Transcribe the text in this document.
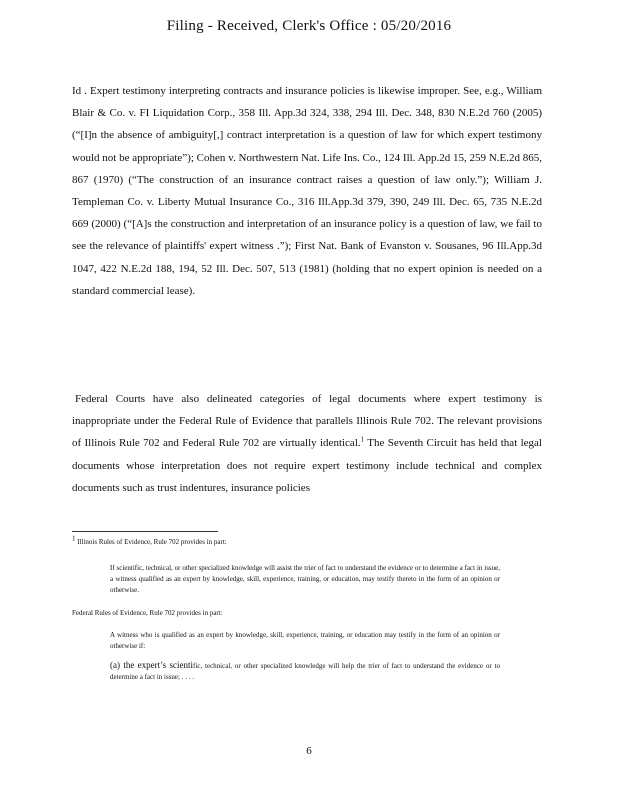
Filing - Received, Clerk's Office : 05/20/2016

Id . Expert testimony interpreting contracts and insurance policies is likewise improper. See, e.g., William Blair & Co. v. FI Liquidation Corp., 358 Ill. App.3d 324, 338, 294 Ill. Dec. 348, 830 N.E.2d 760 (2005) (“[I]n the absence of ambiguity[,] contract interpretation is a question of law for which expert testimony would not be appropriate”); Cohen v. Northwestern Nat. Life Ins. Co., 124 Ill. App.2d 15, 259 N.E.2d 865, 867 (1970) (“The construction of an insurance contract raises a question of law only.”); William J. Templeman Co. v. Liberty Mutual Insurance Co., 316 Ill.App.3d 379, 390, 249 Ill. Dec. 65, 735 N.E.2d 669 (2000) (“[A]s the construction and interpretation of an insurance policy is a question of law, we fail to see the relevance of plaintiffs' expert witness .”); First Nat. Bank of Evanston v. Sousanes, 96 Ill.App.3d 1047, 422 N.E.2d 188, 194, 52 Ill. Dec. 507, 513 (1981) (holding that no expert opinion is needed on a standard commercial lease).

Federal Courts have also delineated categories of legal documents where expert testimony is inappropriate under the Federal Rule of Evidence that parallels Illinois Rule 702. The relevant provisions of Illinois Rule 702 and Federal Rule 702 are virtually identical.$^1$ The Seventh Circuit has held that legal documents whose interpretation does not require expert testimony include technical and complex documents such as trust indentures, insurance policies

1 Illinois Rules of Evidence, Rule 702 provides in part:
If scientific, technical, or other specialized knowledge will assist the trier of fact to understand the evidence or to determine a fact in issue, a witness qualified as an expert by knowledge, skill, experience, training, or education, may testify thereto in the form of an opinion or otherwise.
Federal Rules of Evidence, Rule 702 provides in part:
A witness who is qualified as an expert by knowledge, skill, experience, training, or education may testify in the form of an opinion or otherwise if:
(a) the expert’s scientific, technical, or other specialized knowledge will help the trier of fact to understand the evidence or to determine a fact in issue; . . . .
6
